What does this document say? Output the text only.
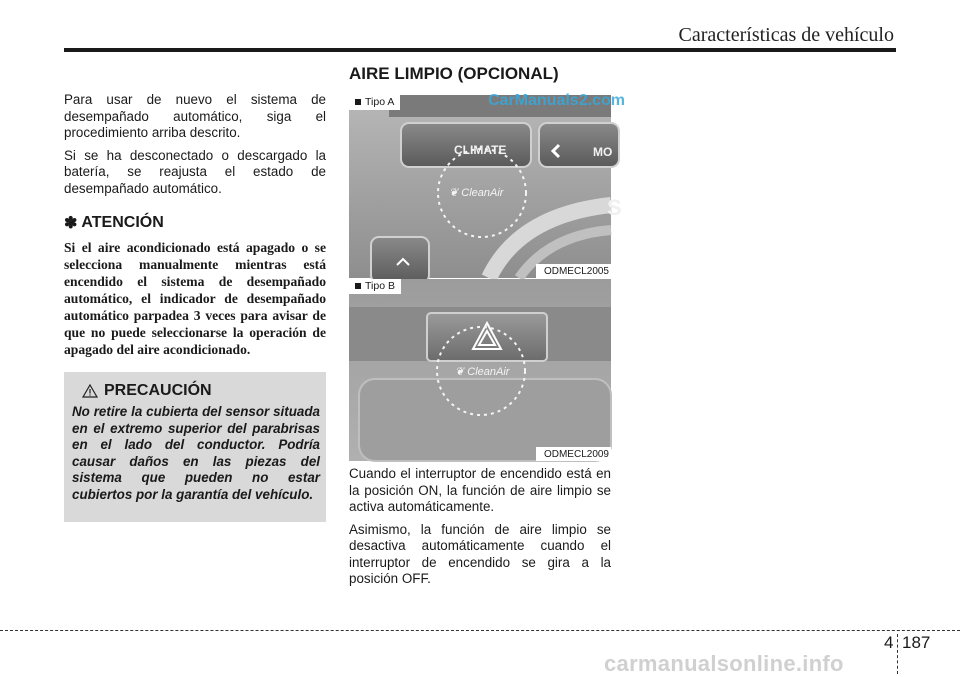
Características de vehículo

Para usar de nuevo el sistema de desempañado automático, siga el procedimiento arriba descrito.

Si se ha desconectado o descargado la batería, se reajusta el estado de desempañado automático.

✽ ATENCIÓN

Si el aire acondicionado está apagado o se selecciona manualmente mientras está encendido el sistema de desempañado automático, el indicador de desempañado automático parpadea 3 veces para avisar de que no puede seleccionarse la operación de apagado del aire acondicionado.

PRECAUCIÓN

No retire la cubierta del sensor situada en el extremo superior del parabrisas en el lado del conductor. Podría causar daños en las piezas del sistema que pueden no estar cubiertos por la garantía del vehículo.

AIRE LIMPIO (OPCIONAL)
S
CLIMATE	MO
❦ CleanAir
Tipo A
ODMECL2005
❦ CleanAir
Tipo B
ODMECL2009
CarManuals2.com

Cuando el interruptor de encendido está en la posición ON, la función de aire limpio se activa automáticamente.

Asimismo, la función de aire limpio se desactiva automáticamente cuando el interruptor de encendido se gira a la posición OFF.

4 187
carmanualsonline.info
